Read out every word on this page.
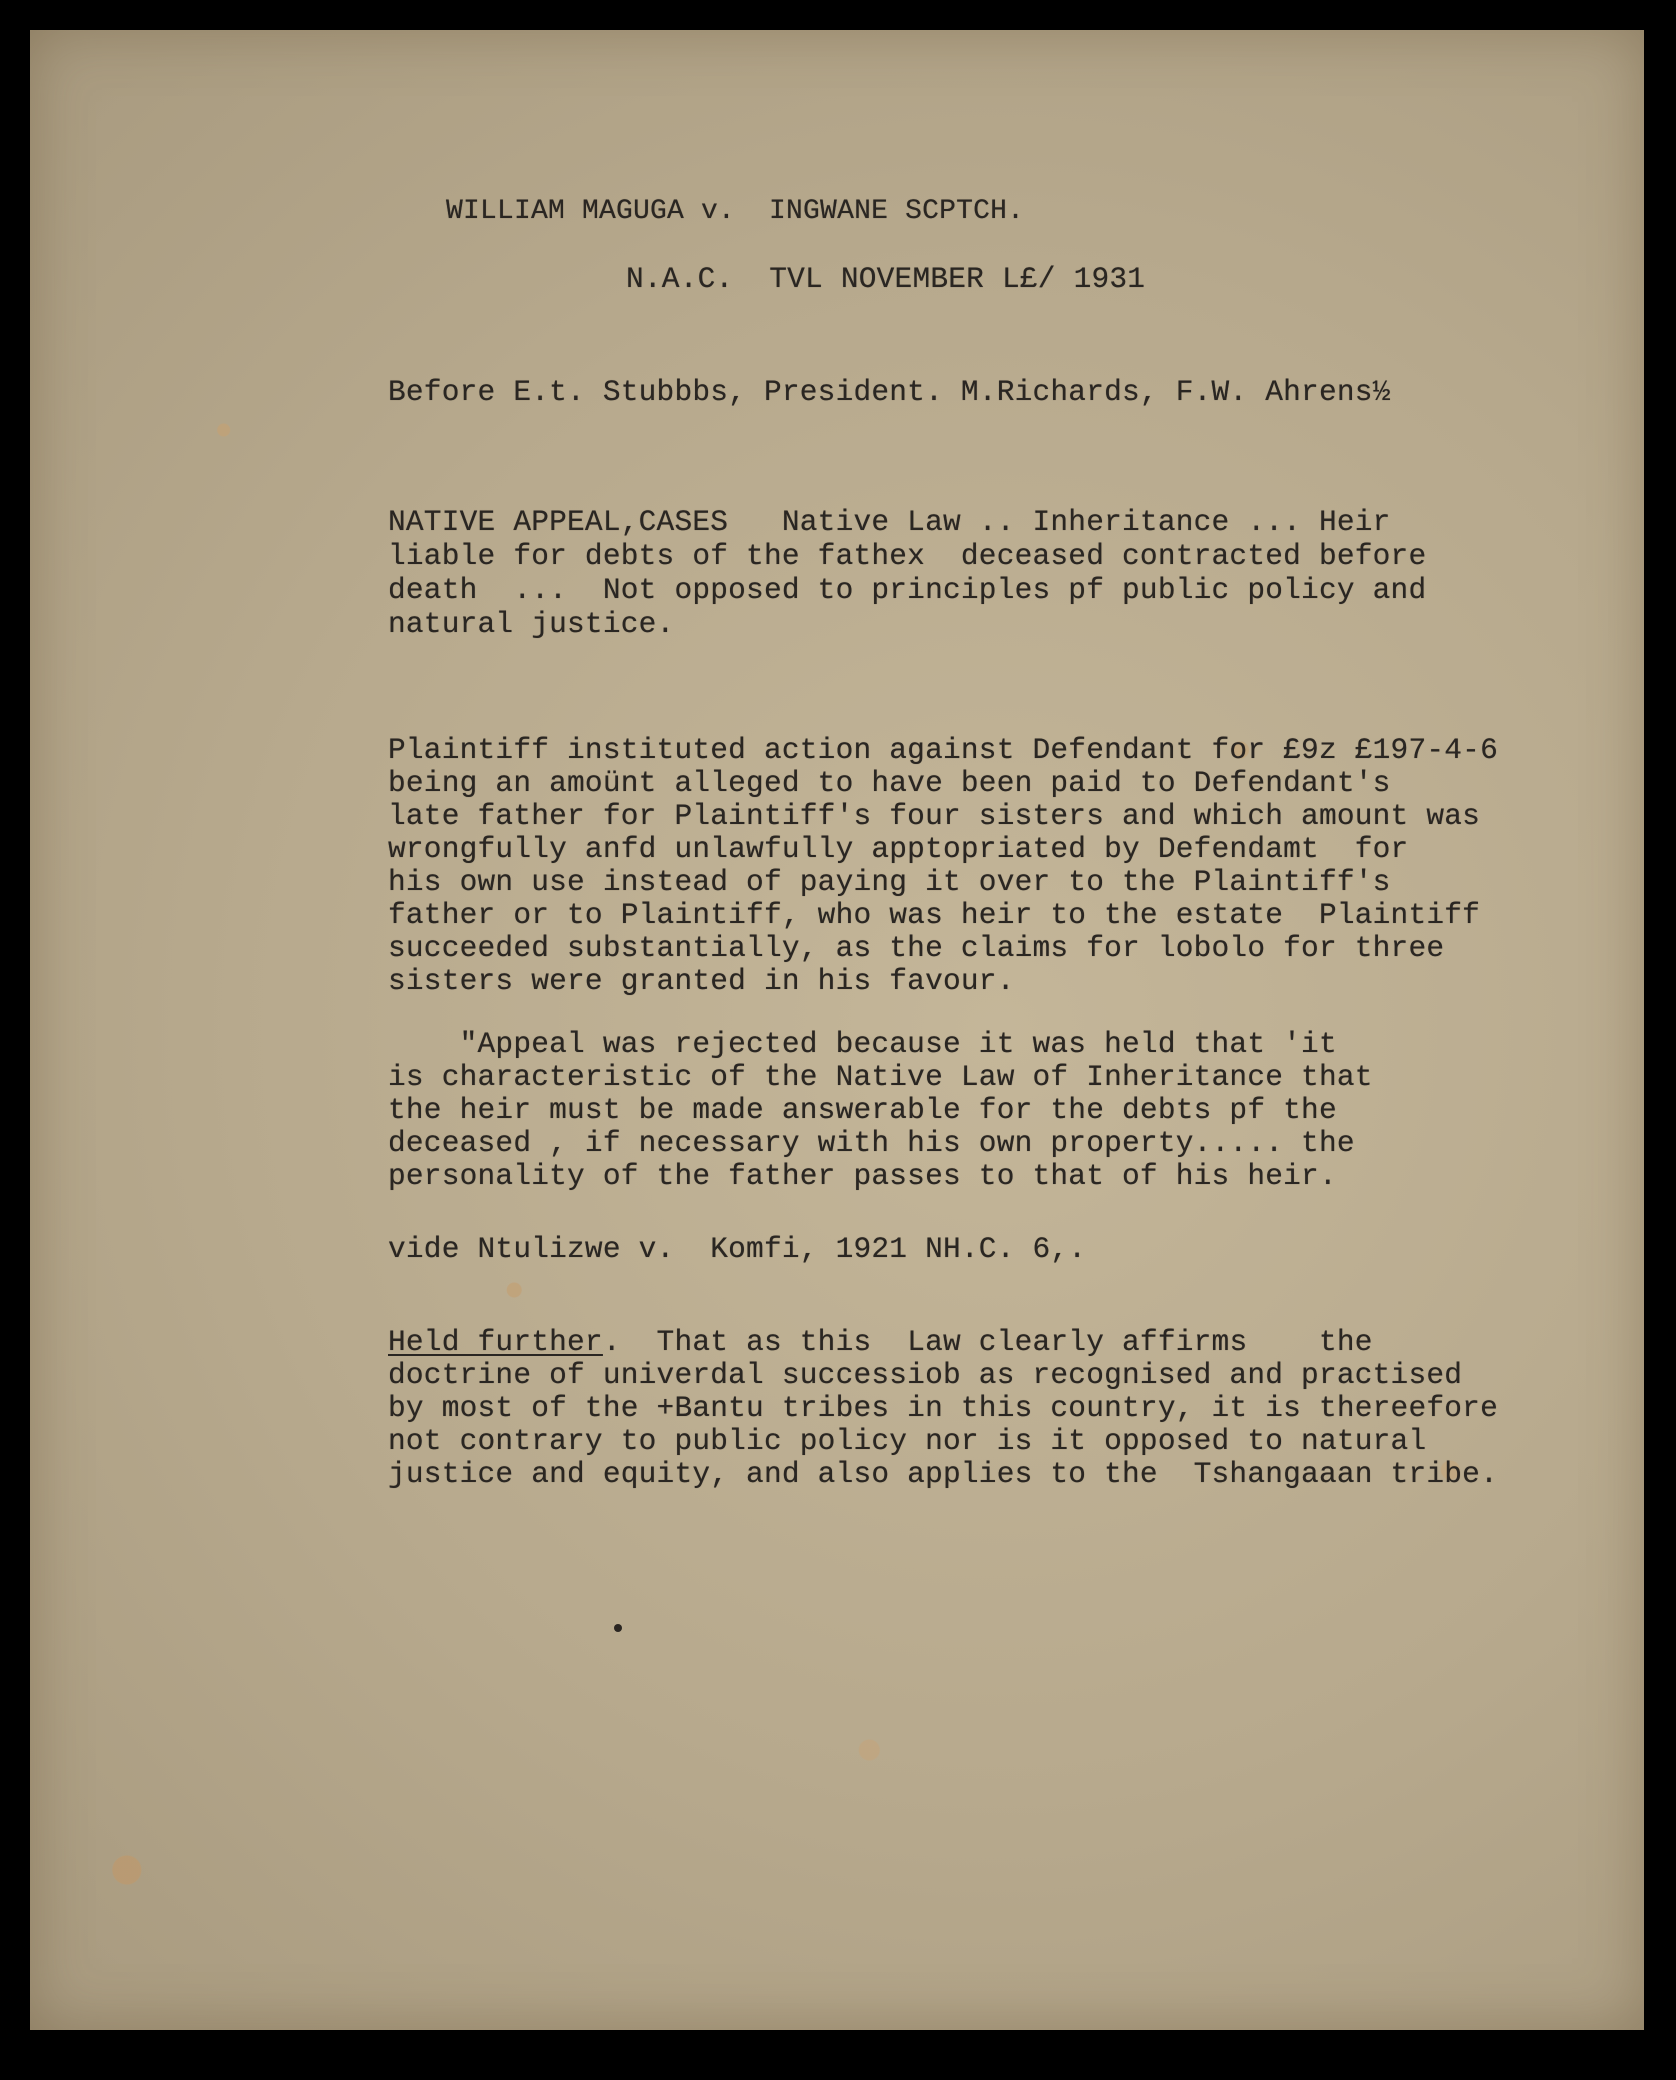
WILLIAM MAGUGA v.  INGWANE SCPTCH.
N.A.C.  TVL NOVEMBER L£/ 1931
Before E.t. Stubbbs, President. M.Richards, F.W. Ahrens½
NATIVE APPEAL,CASES   Native Law .. Inheritance ... Heir
liable for debts of the fathex  deceased contracted before
death  ...  Not opposed to principles pf public policy and
natural justice.
Plaintiff instituted action against Defendant for £9z £197-4-6
being an amoünt alleged to have been paid to Defendant's
late father for Plaintiff's four sisters and which amount was
wrongfully anfd unlawfully apptopriated by Defendamt  for
his own use instead of paying it over to the Plaintiff's
father or to Plaintiff, who was heir to the estate  Plaintiff
succeeded substantially, as the claims for lobolo for three
sisters were granted in his favour.
"Appeal was rejected because it was held that 'it
is characteristic of the Native Law of Inheritance that
the heir must be made answerable for the debts pf the
deceased , if necessary with his own property..... the
personality of the father passes to that of his heir.
vide Ntulizwe v.  Komfi, 1921 NH.C. 6,.
Held further.  That as this  Law clearly affirms    the
doctrine of univerdal successiob as recognised and practised
by most of the +Bantu tribes in this country, it is thereefore
not contrary to public policy nor is it opposed to natural
justice and equity, and also applies to the  Tshangaaan tribe.
